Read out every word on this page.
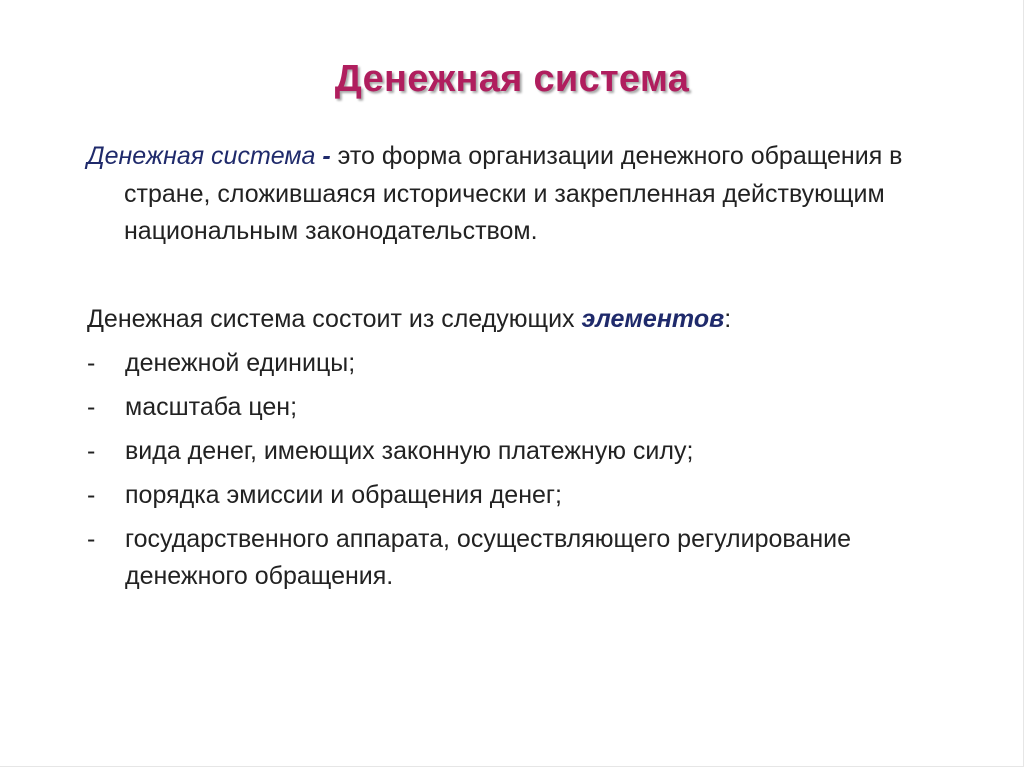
Денежная система

Денежная система - это форма организации денежного обращения в стране, сложившаяся исторически и закрепленная действующим национальным законодательством.

Денежная система состоит из следующих элементов:

- денежной единицы;
- масштаба цен;
- вида денег, имеющих законную платежную силу;
- порядка эмиссии и обращения денег;
- государственного аппарата, осуществляющего регулирование денежного обращения.
